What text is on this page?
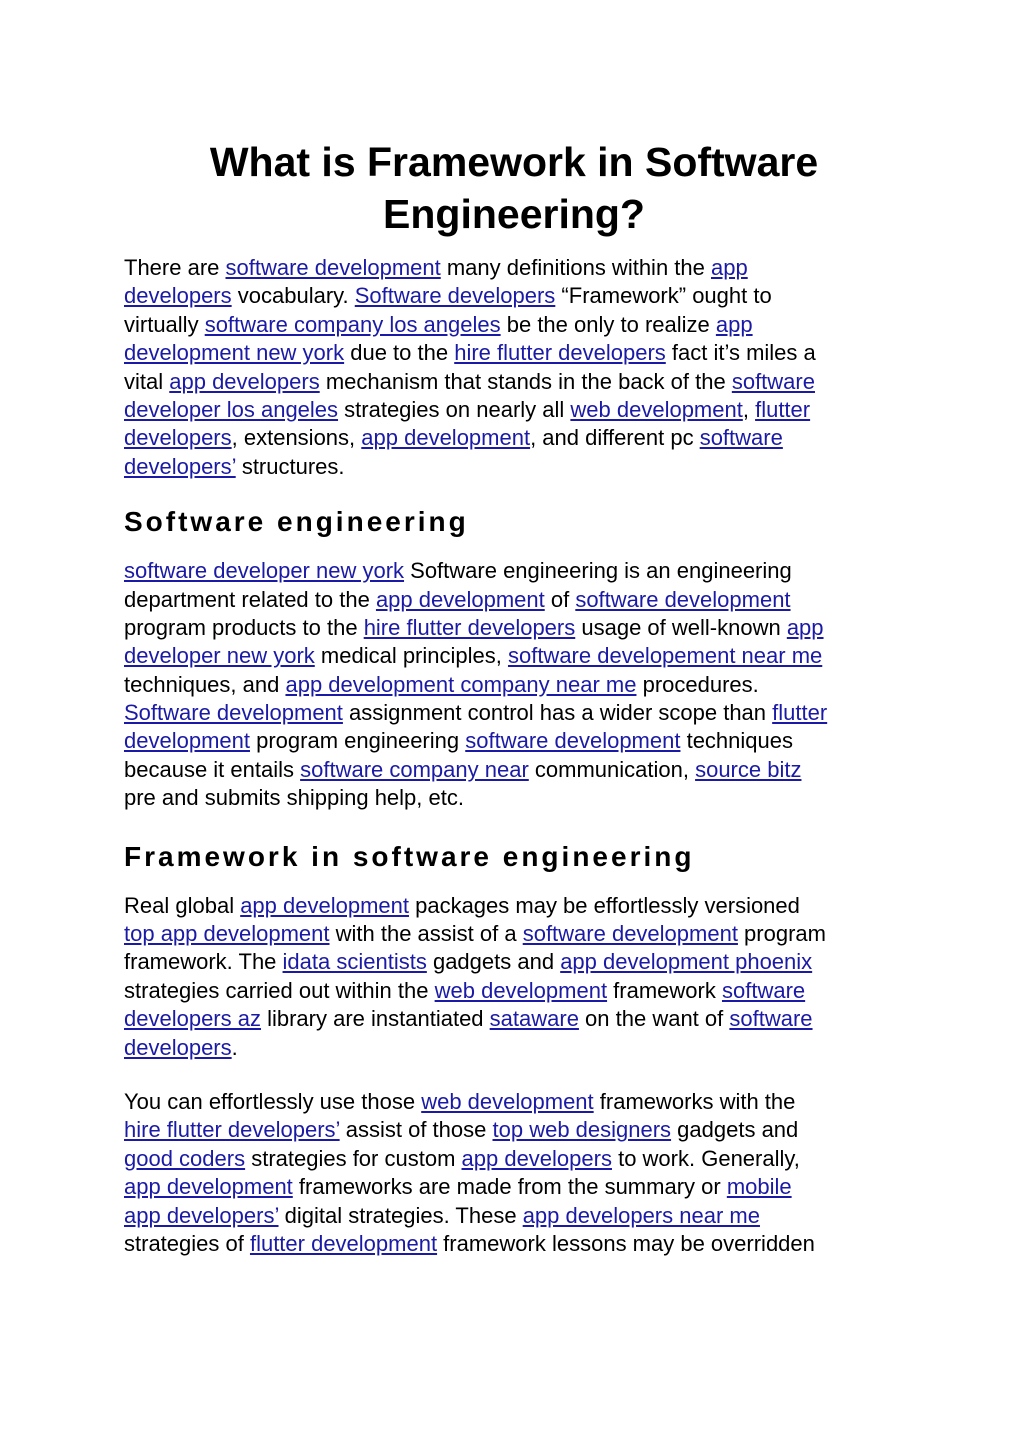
What is Framework in Software Engineering?
There are software development many definitions within the app
developers vocabulary. Software developers “Framework” ought to
virtually software company los angeles be the only to realize app
development new york due to the hire flutter developers fact it’s miles a
vital app developers mechanism that stands in the back of the software
developer los angeles strategies on nearly all web development, flutter
developers, extensions, app development, and different pc software
developers’ structures.
Software engineering
software developer new york Software engineering is an engineering
department related to the app development of software development
program products to the hire flutter developers usage of well-known app
developer new york medical principles, software developement near me
techniques, and app development company near me procedures.
Software development assignment control has a wider scope than flutter
development program engineering software development techniques
because it entails software company near communication, source bitz
pre and submits shipping help, etc.
Framework in software engineering
Real global app development packages may be effortlessly versioned
top app development with the assist of a software development program
framework. The idata scientists gadgets and app development phoenix
strategies carried out within the web development framework software
developers az library are instantiated sataware on the want of software
developers.
You can effortlessly use those web development frameworks with the
hire flutter developers’ assist of those top web designers gadgets and
good coders strategies for custom app developers to work. Generally,
app development frameworks are made from the summary or mobile
app developers’ digital strategies. These app developers near me
strategies of flutter development framework lessons may be overridden
